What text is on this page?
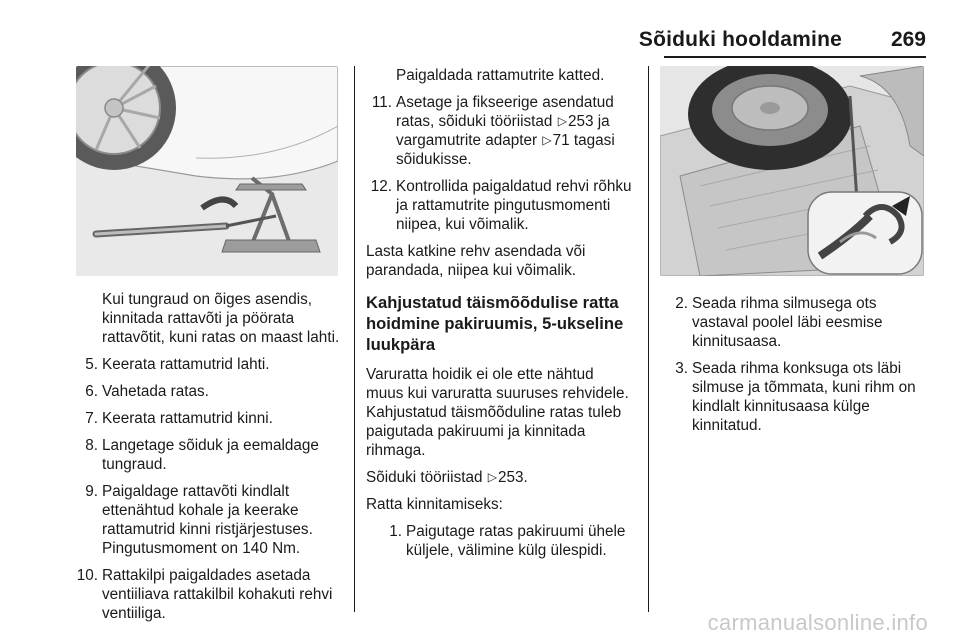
Sõiduki hooldamine 269

Kui tungraud on õiges asendis, kinnitada rattavõti ja pöörata rattavõtit, kuni ratas on maast lahti.

5. Keerata rattamutrid lahti.
6. Vahetada ratas.
7. Keerata rattamutrid kinni.
8. Langetage sõiduk ja eemaldage tungraud.
9. Paigaldage rattavõti kindlalt ettenähtud kohale ja keerake rattamutrid kinni ristjärjestuses. Pingutusmoment on 140 Nm.
10. Rattakilpi paigaldades asetada ventiiliava rattakilbil kohakuti rehvi ventiiliga.

Paigaldada rattamutrite katted.

11. Asetage ja fikseerige asendatud ratas, sõiduki tööriistad ▷253 ja vargamutrite adapter ▷71 tagasi sõidukisse.
12. Kontrollida paigaldatud rehvi rõhku ja rattamutrite pingutusmomenti niipea, kui võimalik.

Lasta katkine rehv asendada või parandada, niipea kui võimalik.

Kahjustatud täismõõdulise ratta hoidmine pakiruumis, 5-ukseline luukpära

Varuratta hoidik ei ole ette nähtud muus kui varuratta suuruses rehvidele. Kahjustatud täismõõduline ratas tuleb paigutada pakiruumi ja kinnitada rihmaga.

Sõiduki tööriistad ▷253.

Ratta kinnitamiseks:

1. Paigutage ratas pakiruumi ühele küljele, välimine külg ülespidi.
2. Seada rihma silmusega ots vastaval poolel läbi eesmise kinnitusaasa.
3. Seada rihma konksuga ots läbi silmuse ja tõmmata, kuni rihm on kindlalt kinnitusaasa külge kinnitatud.
carmanualsonline.info
